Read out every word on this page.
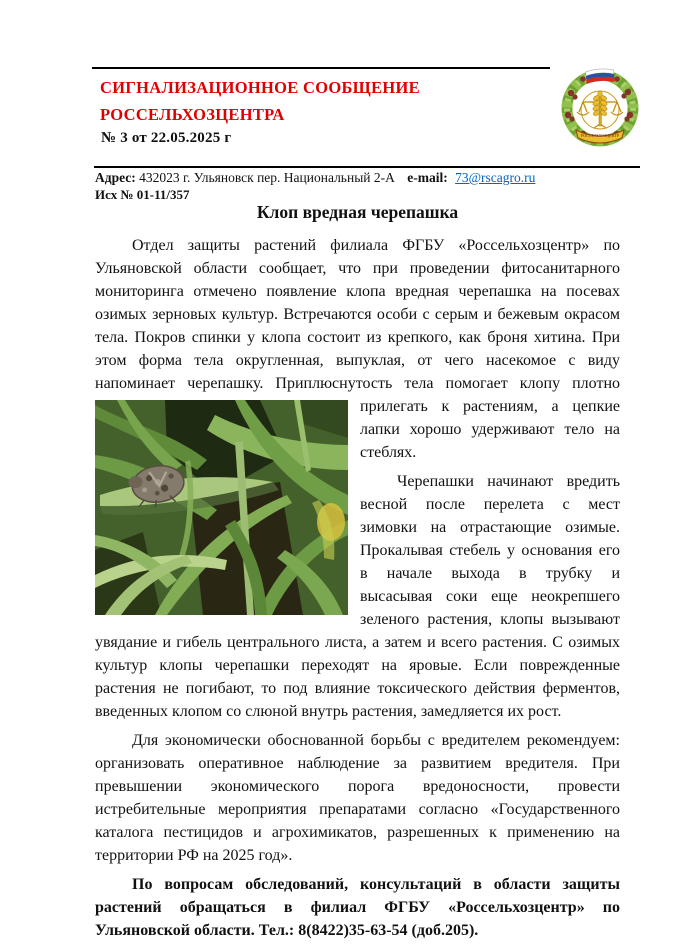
СИГНАЛИЗАЦИОННОЕ СООБЩЕНИЕ
РОССЕЛЬХОЗЦЕНТРА
РОССЕЛЬХОЗЦЕНТР
№ 3 от 22.05.2025 г
Адрес: 432023 г. Ульяновск пер. Национальный 2-А e-mail: 73@rscagro.ru
Исх № 01-11/357
Клоп вредная черепашка

Отдел защиты растений филиала ФГБУ «Россельхозцентр» по Ульяновской области сообщает, что при проведении фитосанитарного мониторинга отмечено появление клопа вредная черепашка на посевах озимых зерновых культур. Встречаются особи с серым и бежевым окрасом тела. Покров спинки у клопа состоит из крепкого, как броня хитина. При этом форма тела округленная, выпуклая, от чего насекомое с виду напоминает черепашку. Приплюснутость тела помогает клопу плотно прилегать к растениям, а цепкие лапки хорошо удерживают тело на стеблях.

Черепашки начинают вредить весной после перелета с мест зимовки на отрастающие озимые. Прокалывая стебель у основания его в начале выхода в трубку и высасывая соки еще неокрепшего зеленого растения, клопы вызывают увядание и гибель центрального листа, а затем и всего растения. С озимых культур клопы черепашки переходят на яровые. Если поврежденные растения не погибают, то под влияние токсического действия ферментов, введенных клопом со слюной внутрь растения, замедляется их рост.

Для экономически обоснованной борьбы с вредителем рекомендуем: организовать оперативное наблюдение за развитием вредителя. При превышении экономического порога вредоносности, провести истребительные мероприятия препаратами согласно «Государственного каталога пестицидов и агрохимикатов, разрешенных к применению на территории РФ на 2025 год».

По вопросам обследований, консультаций в области защиты растений обращаться в филиал ФГБУ «Россельхозцентр» по Ульяновской области. Тел.: 8(8422)35-63-54 (доб.205).
